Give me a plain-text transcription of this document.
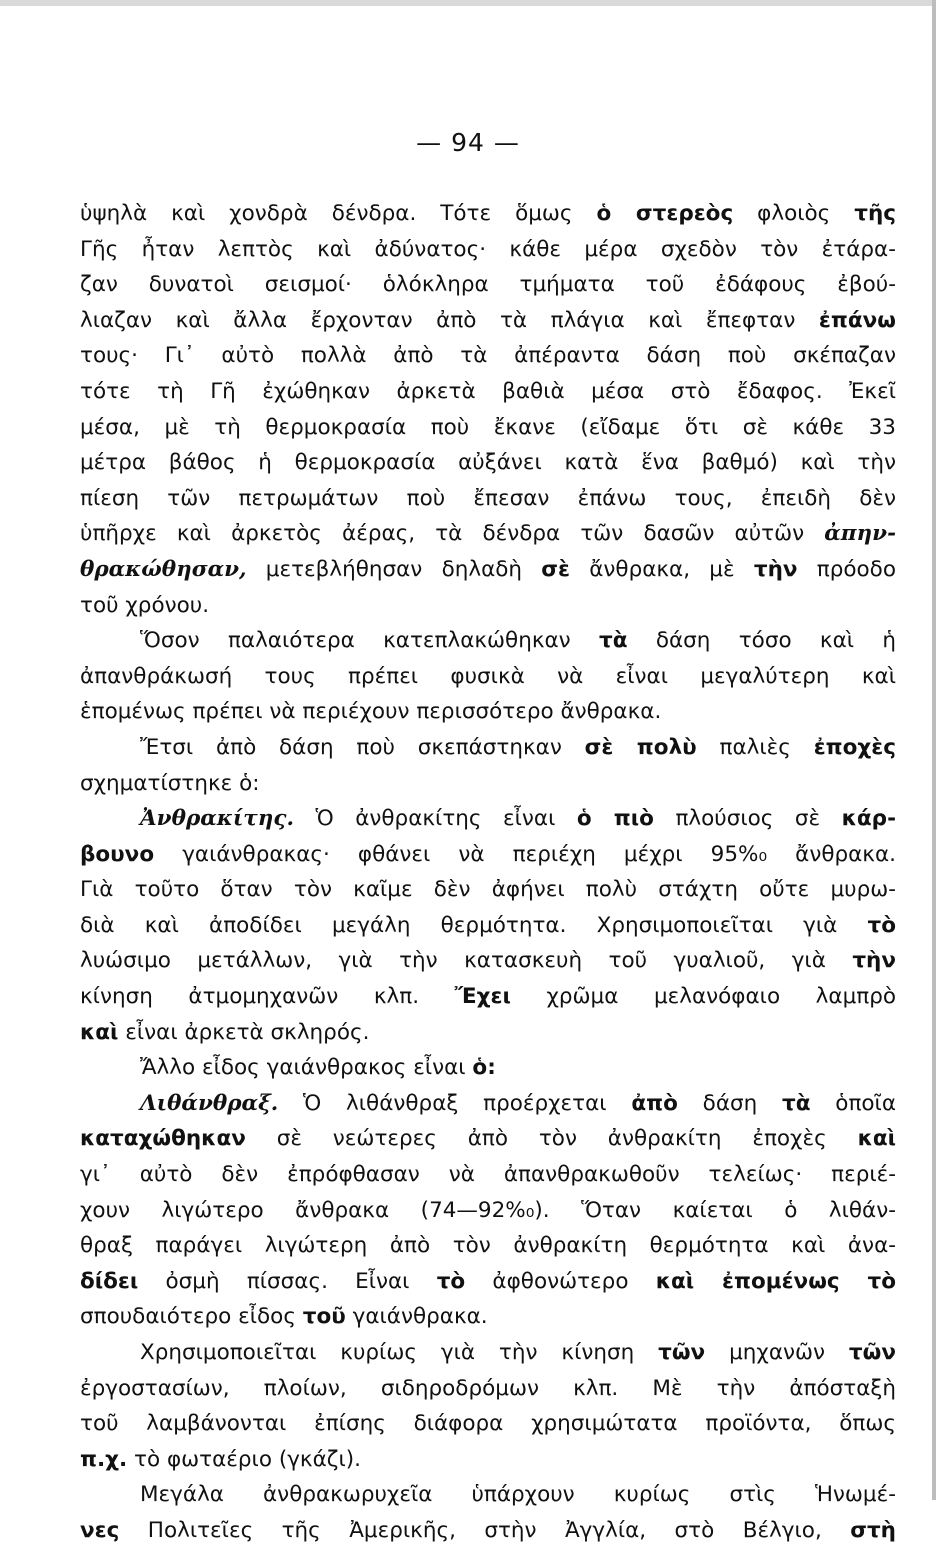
— 94 —
ὑψηλὰ καὶ χονδρὰ δένδρα. Τότε ὅμως ὁ στερεὸς φλοιὸς τῆς
Γῆς ἦταν λεπτὸς καὶ ἀδύνατος· κάθε μέρα σχεδὸν τὸν ἐτάρα-
ζαν δυνατοὶ σεισμοί· ὁλόκληρα τμήματα τοῦ ἐδάφους ἐβού-
λιαζαν καὶ ἄλλα ἔρχονταν ἀπὸ τὰ πλάγια καὶ ἔπεφταν ἐπάνω
τους· Γι᾽ αὐτὸ πολλὰ ἀπὸ τὰ ἀπέραντα δάση ποὺ σκέπαζαν
τότε τὴ Γῆ ἐχώθηκαν ἀρκετὰ βαθιὰ μέσα στὸ ἔδαφος. Ἐκεῖ
μέσα, μὲ τὴ θερμοκρασία ποὺ ἔκανε (εἴδαμε ὅτι σὲ κάθε 33
μέτρα βάθος ἡ θερμοκρασία αὐξάνει κατὰ ἕνα βαθμό) καὶ τὴν
πίεση τῶν πετρωμάτων ποὺ ἔπεσαν ἐπάνω τους, ἐπειδὴ δὲν
ὑπῆρχε καὶ ἀρκετὸς ἀέρας, τὰ δένδρα τῶν δασῶν αὐτῶν ἀπην-
θρακώθησαν, μετεβλήθησαν δηλαδὴ σὲ ἄνθρακα, μὲ τὴν πρόοδο
τοῦ χρόνου.
Ὅσον παλαιότερα κατεπλακώθηκαν τὰ δάση τόσο καὶ ἡ
ἀπανθράκωσή τους πρέπει φυσικὰ νὰ εἶναι μεγαλύτερη καὶ
ἑπομένως πρέπει νὰ περιέχουν περισσότερο ἄνθρακα.
Ἔτσι ἀπὸ δάση ποὺ σκεπάστηκαν σὲ πολὺ παλιὲς ἐποχὲς
σχηματίστηκε ὁ:
Ἀνθρακίτης. Ὁ ἀνθρακίτης εἶναι ὁ πιὸ πλούσιος σὲ κάρ-
βουνο γαιάνθρακας· φθάνει νὰ περιέχη μέχρι 95%₀ ἄνθρακα.
Γιὰ τοῦτο ὅταν τὸν καῖμε δὲν ἀφήνει πολὺ στάχτη οὔτε μυρω-
διὰ καὶ ἀποδίδει μεγάλη θερμότητα. Χρησιμοποιεῖται γιὰ τὸ
λυώσιμο μετάλλων, γιὰ τὴν κατασκευὴ τοῦ γυαλιοῦ, γιὰ τὴν
κίνηση ἀτμομηχανῶν κλπ. Ἔχει χρῶμα μελανόφαιο λαμπρὸ
καὶ εἶναι ἀρκετὰ σκληρός.
Ἄλλο εἶδος γαιάνθρακος εἶναι ὁ:
Λιθάνθραξ. Ὁ λιθάνθραξ προέρχεται ἀπὸ δάση τὰ ὁποῖα
καταχώθηκαν σὲ νεώτερες ἀπὸ τὸν ἀνθρακίτη ἐποχὲς καὶ
γι᾽ αὐτὸ δὲν ἐπρόφθασαν νὰ ἀπανθρακωθοῦν τελείως· περιέ-
χουν λιγώτερο ἄνθρακα (74—92%₀). Ὅταν καίεται ὁ λιθάν-
θραξ παράγει λιγώτερη ἀπὸ τὸν ἀνθρακίτη θερμότητα καὶ ἀνα-
δίδει ὀσμὴ πίσσας. Εἶναι τὸ ἀφθονώτερο καὶ ἐπομένως τὸ
σπουδαιότερο εἶδος τοῦ γαιάνθρακα.
Χρησιμοποιεῖται κυρίως γιὰ τὴν κίνηση τῶν μηχανῶν τῶν
ἐργοστασίων, πλοίων, σιδηροδρόμων κλπ. Μὲ τὴν ἀπόσταξὴ
τοῦ λαμβάνονται ἐπίσης διάφορα χρησιμώτατα προϊόντα, ὅπως
π.χ. τὸ φωταέριο (γκάζι).
Μεγάλα ἀνθρακωρυχεῖα ὑπάρχουν κυρίως στὶς Ἡνωμέ-
νες Πολιτεῖες τῆς Ἀμερικῆς, στὴν Ἀγγλία, στὸ Βέλγιο, στὴ
